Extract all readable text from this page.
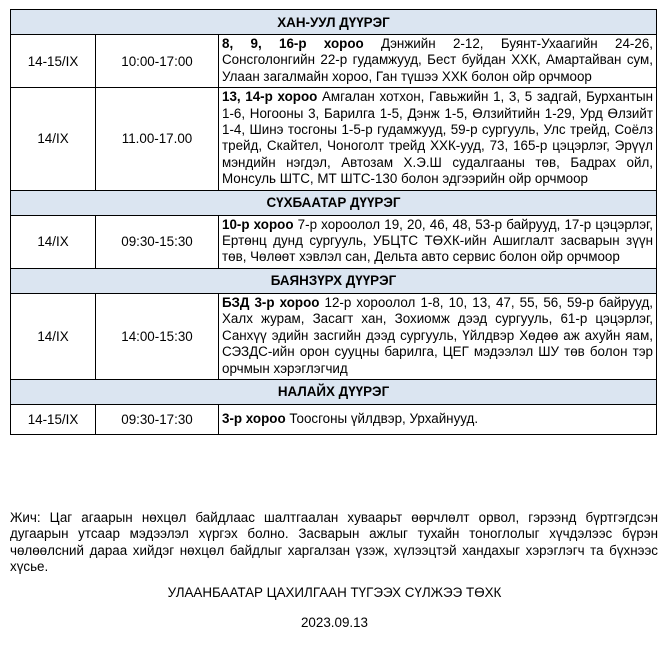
ХАН-УУЛ ДҮҮРЭГ		
14-15/IX	10:00-17:00	8, 9, 16-р хороо Дэнжийн 2-12, Буянт-Ухаагийн 24-26, Сонсголонгийн 22-р гудамжууд, Бест буйдан ХХК, Амартайван сум, Улаан загалмайн хороо, Ган түшээ ХХК болон ойр орчмоор
14/IX	11.00-17.00	13, 14-р хороо Амгалан хотхон, Гавьжийн 1, 3, 5 задгай, Бурхантын 1-6, Ногооны 3, Барилга 1-5, Дэнж 1-5, Өлзийтийн 1-29, Урд Өлзийт 1-4, Шинэ тосгоны 1-5-р гудамжууд, 59-р сургууль, Улс трейд, Соёлз трейд, Скайтел, Чоноголт трейд ХХК-ууд, 73, 165-р цэцэрлэг, Эрүүл мэндийн нэгдэл, Автозам Х.Э.Ш судалгааны төв, Бадрах ойл, Монсуль ШТС, МТ ШТС-130 болон эдгээрийн ойр орчмоор
СҮХБААТАР ДҮҮРЭГ		
14/IX	09:30-15:30	10-р хороо 7-р хороолол 19, 20, 46, 48, 53-р байрууд, 17-р цэцэрлэг, Ертөнц дунд сургууль, УБЦТС ТӨХК-ийн Ашиглалт засварын зүүн төв, Чөлөөт хэвлэл сан, Дельта авто сервис болон ойр орчмоор
БАЯНЗҮРХ ДҮҮРЭГ		
14/IX	14:00-15:30	БЗД 3-р хороо 12-р хороолол 1-8, 10, 13, 47, 55, 56, 59-р байрууд, Халх журам, Засагт хан, Зохиомж дээд сургууль, 61-р цэцэрлэг, Санхүү эдийн засгийн дээд сургууль, Үйлдвэр Хөдөө аж ахуйн яам, СЭЗДС-ийн орон сууцны барилга, ЦЕГ мэдээлэл ШУ төв болон тэр орчмын хэрэглэгчид
НАЛАЙХ ДҮҮРЭГ		
14-15/IX	09:30-17:30	3-р хороо Тоосгоны үйлдвэр, Урхайнууд.
Жич: Цаг агаарын нөхцөл байдлаас шалтгаалан хуваарьт өөрчлөлт орвол, гэрээнд бүртгэгдсэн дугаарын утсаар мэдээлэл хүргэх болно. Засварын ажлыг тухайн тоноглолыг хүчдэлээс бүрэн чөлөөлсний дараа хийдэг нөхцөл байдлыг харгалзан үзэж, хүлээцтэй хандахыг хэрэглэгч та бүхнээс хүсье.
УЛААНБААТАР ЦАХИЛГААН ТҮГЭЭХ СҮЛЖЭЭ ТӨХК
2023.09.13
